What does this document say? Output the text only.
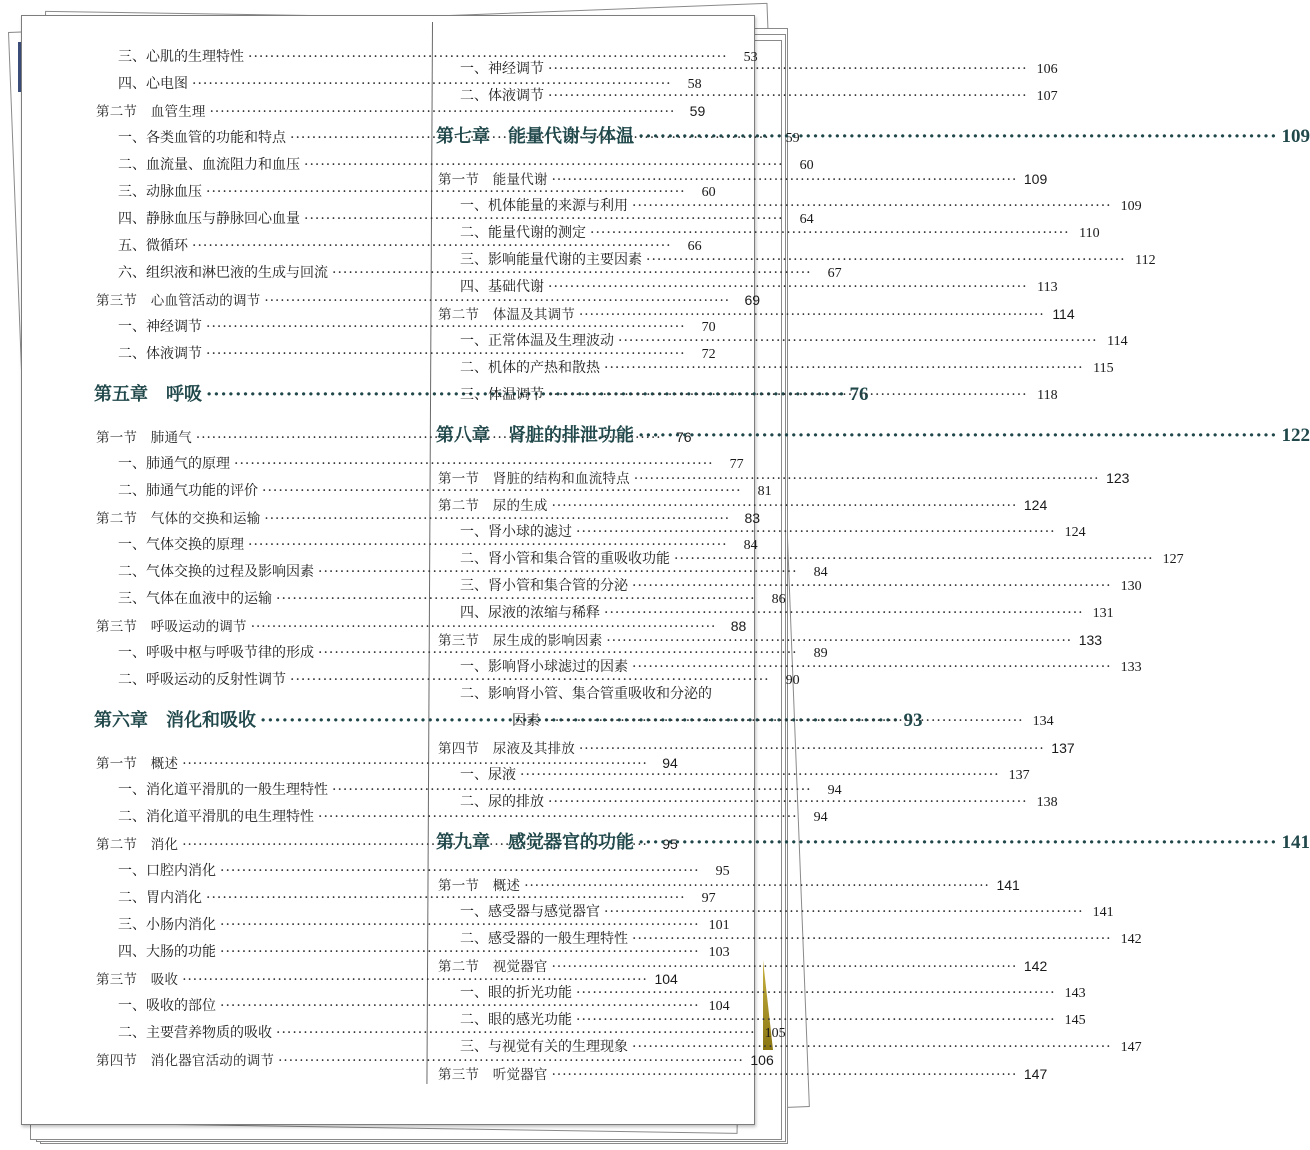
三、心肌的生理特性 ·····	53
四、心电图 ·····	58
第二节　血管生理 ·····	59
一、各类血管的功能和特点 ·····	59
二、血流量、血流阻力和血压 ·····	60
三、动脉血压 ·····	60
四、静脉血压与静脉回心血量 ·····	64
五、微循环 ·····	66
六、组织液和淋巴液的生成与回流 ·····	67
第三节　心血管活动的调节 ·····	69
一、神经调节 ·····	70
二、体液调节 ·····	72
第五章　呼吸 ·····	76
第一节　肺通气 ·····	76
一、肺通气的原理 ·····	77
二、肺通气功能的评价 ·····	81
第二节　气体的交换和运输 ·····	83
一、气体交换的原理 ·····	84
二、气体交换的过程及影响因素 ·····	84
三、气体在血液中的运输 ·····	86
第三节　呼吸运动的调节 ·····	88
一、呼吸中枢与呼吸节律的形成 ·····	89
二、呼吸运动的反射性调节 ·····	90
第六章　消化和吸收 ·····	93
第一节　概述 ·····	94
一、消化道平滑肌的一般生理特性 ·····	94
二、消化道平滑肌的电生理特性 ·····	94
第二节　消化 ·····	95
一、口腔内消化 ·····	95
二、胃内消化 ·····	97
三、小肠内消化 ·····	101
四、大肠的功能 ·····	103
第三节　吸收 ·····	104
一、吸收的部位 ·····	104
二、主要营养物质的吸收 ·····	105
第四节　消化器官活动的调节 ·····	106
一、神经调节 ·····	106
二、体液调节 ·····	107
第七章　能量代谢与体温 ·····	109
第一节　能量代谢 ·····	109
一、机体能量的来源与利用 ·····	109
二、能量代谢的测定 ·····	110
三、影响能量代谢的主要因素 ·····	112
四、基础代谢 ·····	113
第二节　体温及其调节 ·····	114
一、正常体温及生理波动 ·····	114
二、机体的产热和散热 ·····	115
三、体温调节 ·····	118
第八章　肾脏的排泄功能 ·····	122
第一节　肾脏的结构和血流特点 ·····	123
第二节　尿的生成 ·····	124
一、肾小球的滤过 ·····	124
二、肾小管和集合管的重吸收功能 ·····	127
三、肾小管和集合管的分泌 ·····	130
四、尿液的浓缩与稀释 ·····	131
第三节　尿生成的影响因素 ·····	133
一、影响肾小球滤过的因素 ·····	133
二、影响肾小管、集合管重吸收和分泌的
因素 ·····	134
第四节　尿液及其排放 ·····	137
一、尿液 ·····	137
二、尿的排放 ·····	138
第九章　感觉器官的功能 ·····	141
第一节　概述 ·····	141
一、感受器与感觉器官 ·····	141
二、感受器的一般生理特性 ·····	142
第二节　视觉器官 ·····	142
一、眼的折光功能 ·····	143
二、眼的感光功能 ·····	145
三、与视觉有关的生理现象 ·····	147
第三节　听觉器官 ·····	147
